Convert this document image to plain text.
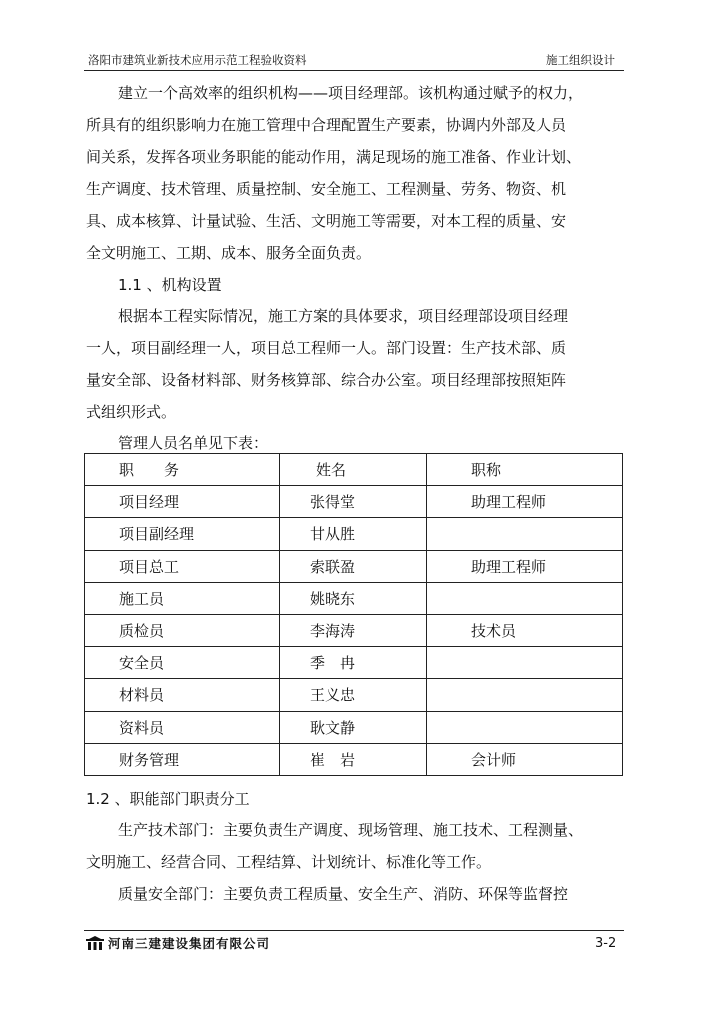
洛阳市建筑业新技术应用示范工程验收资料	施工组织设计
建立一个高效率的组织机构——项目经理部。该机构通过赋予的权力，
所具有的组织影响力在施工管理中合理配置生产要素，协调内外部及人员
间关系，发挥各项业务职能的能动作用，满足现场的施工准备、作业计划、
生产调度、技术管理、质量控制、安全施工、工程测量、劳务、物资、机
具、成本核算、计量试验、生活、文明施工等需要，对本工程的质量、安
全文明施工、工期、成本、服务全面负责。
1.1 、机构设置
根据本工程实际情况，施工方案的具体要求，项目经理部设项目经理
一人，项目副经理一人，项目总工程师一人。部门设置：生产技术部、质
量安全部、设备材料部、财务核算部、综合办公室。项目经理部按照矩阵
式组织形式。
管理人员名单见下表：
职　　务	姓名	职称
项目经理	张得堂	助理工程师
项目副经理	甘从胜	
项目总工	索联盈	助理工程师
施工员	姚晓东	
质检员	李海涛	技术员
安全员	季　冉	
材料员	王义忠	
资料员	耿文静	
财务管理	崔　岩	会计师
1.2 、职能部门职责分工
生产技术部门：主要负责生产调度、现场管理、施工技术、工程测量、
文明施工、经营合同、工程结算、计划统计、标准化等工作。
质量安全部门：主要负责工程质量、安全生产、消防、环保等监督控
河南三建建设集团有限公司	3-2
